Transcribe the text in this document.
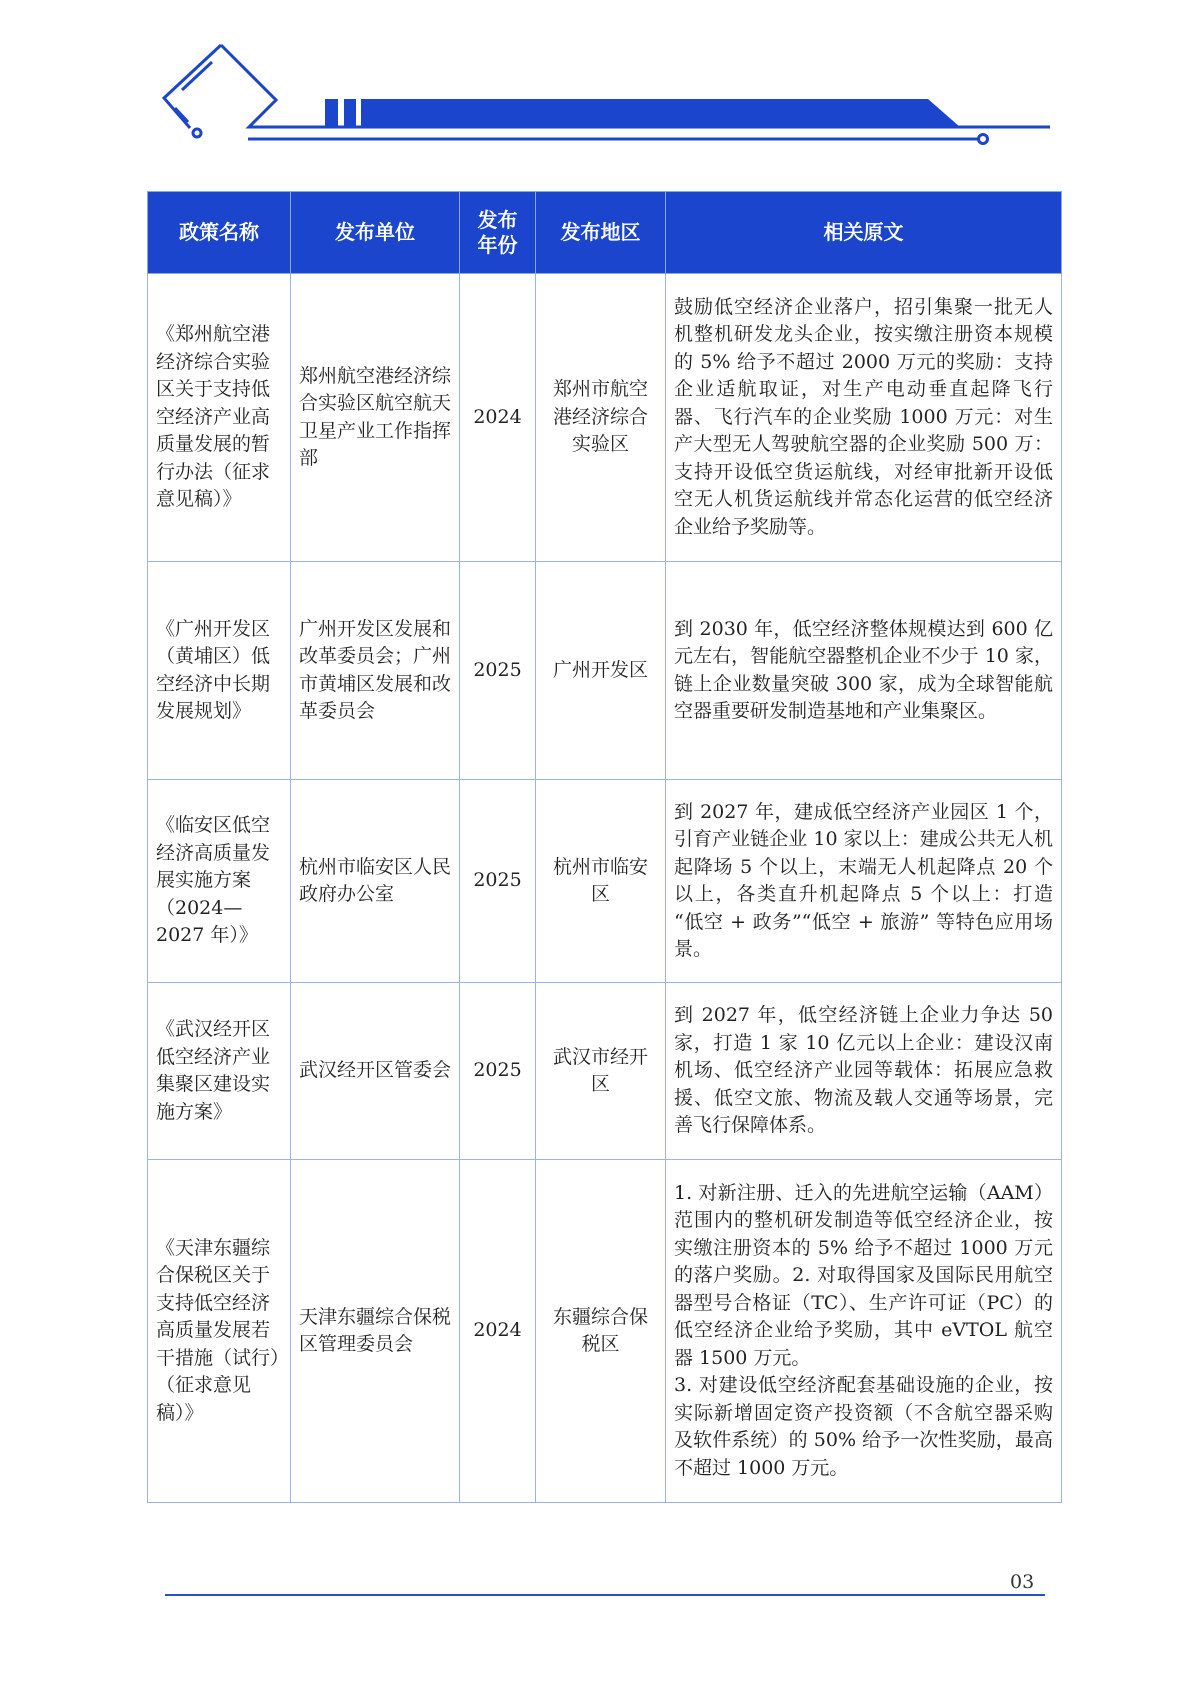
政策名称	发布单位	发布年份	发布地区	相关原文
《郑州航空港经济综合实验区关于支持低空经济产业高质量发展的暂行办法（征求意见稿）》	郑州航空港经济综合实验区航空航天卫星产业工作指挥部	2024	郑州市航空港经济综合实验区	鼓励低空经济企业落户，招引集聚一批无人机整机研发龙头企业，按实缴注册资本规模的 5% 给予不超过 2000 万元的奖励：支持企业适航取证，对生产电动垂直起降飞行器、飞行汽车的企业奖励 1000 万元：对生产大型无人驾驶航空器的企业奖励 500 万：支持开设低空货运航线，对经审批新开设低空无人机货运航线并常态化运营的低空经济企业给予奖励等。
《广州开发区（黄埔区）低空经济中长期发展规划》	广州开发区发展和改革委员会；广州市黄埔区发展和改革委员会	2025	广州开发区	到 2030 年，低空经济整体规模达到 600 亿元左右，智能航空器整机企业不少于 10 家，链上企业数量突破 300 家，成为全球智能航空器重要研发制造基地和产业集聚区。
《临安区低空经济高质量发展实施方案（2024—2027 年）》	杭州市临安区人民政府办公室	2025	杭州市临安区	到 2027 年，建成低空经济产业园区 1 个，引育产业链企业 10 家以上：建成公共无人机起降场 5 个以上，末端无人机起降点 20 个以上，各类直升机起降点 5 个以上：打造 “低空 + 政务”“低空 + 旅游” 等特色应用场景。
《武汉经开区低空经济产业集聚区建设实施方案》	武汉经开区管委会	2025	武汉市经开区	到 2027 年，低空经济链上企业力争达 50 家，打造 1 家 10 亿元以上企业：建设汉南机场、低空经济产业园等载体：拓展应急救援、低空文旅、物流及载人交通等场景，完善飞行保障体系。
《天津东疆综合保税区关于支持低空经济高质量发展若干措施（试行）（征求意见稿）》	天津东疆综合保税区管理委员会	2024	东疆综合保税区	1. 对新注册、迁入的先进航空运输（AAM）范围内的整机研发制造等低空经济企业，按实缴注册资本的 5% 给予不超过 1000 万元的落户奖励。2. 对取得国家及国际民用航空器型号合格证（TC）、生产许可证（PC）的低空经济企业给予奖励，其中 eVTOL 航空器 1500 万元。
3. 对建设低空经济配套基础设施的企业，按实际新增固定资产投资额（不含航空器采购及软件系统）的 50% 给予一次性奖励，最高不超过 1000 万元。
03
